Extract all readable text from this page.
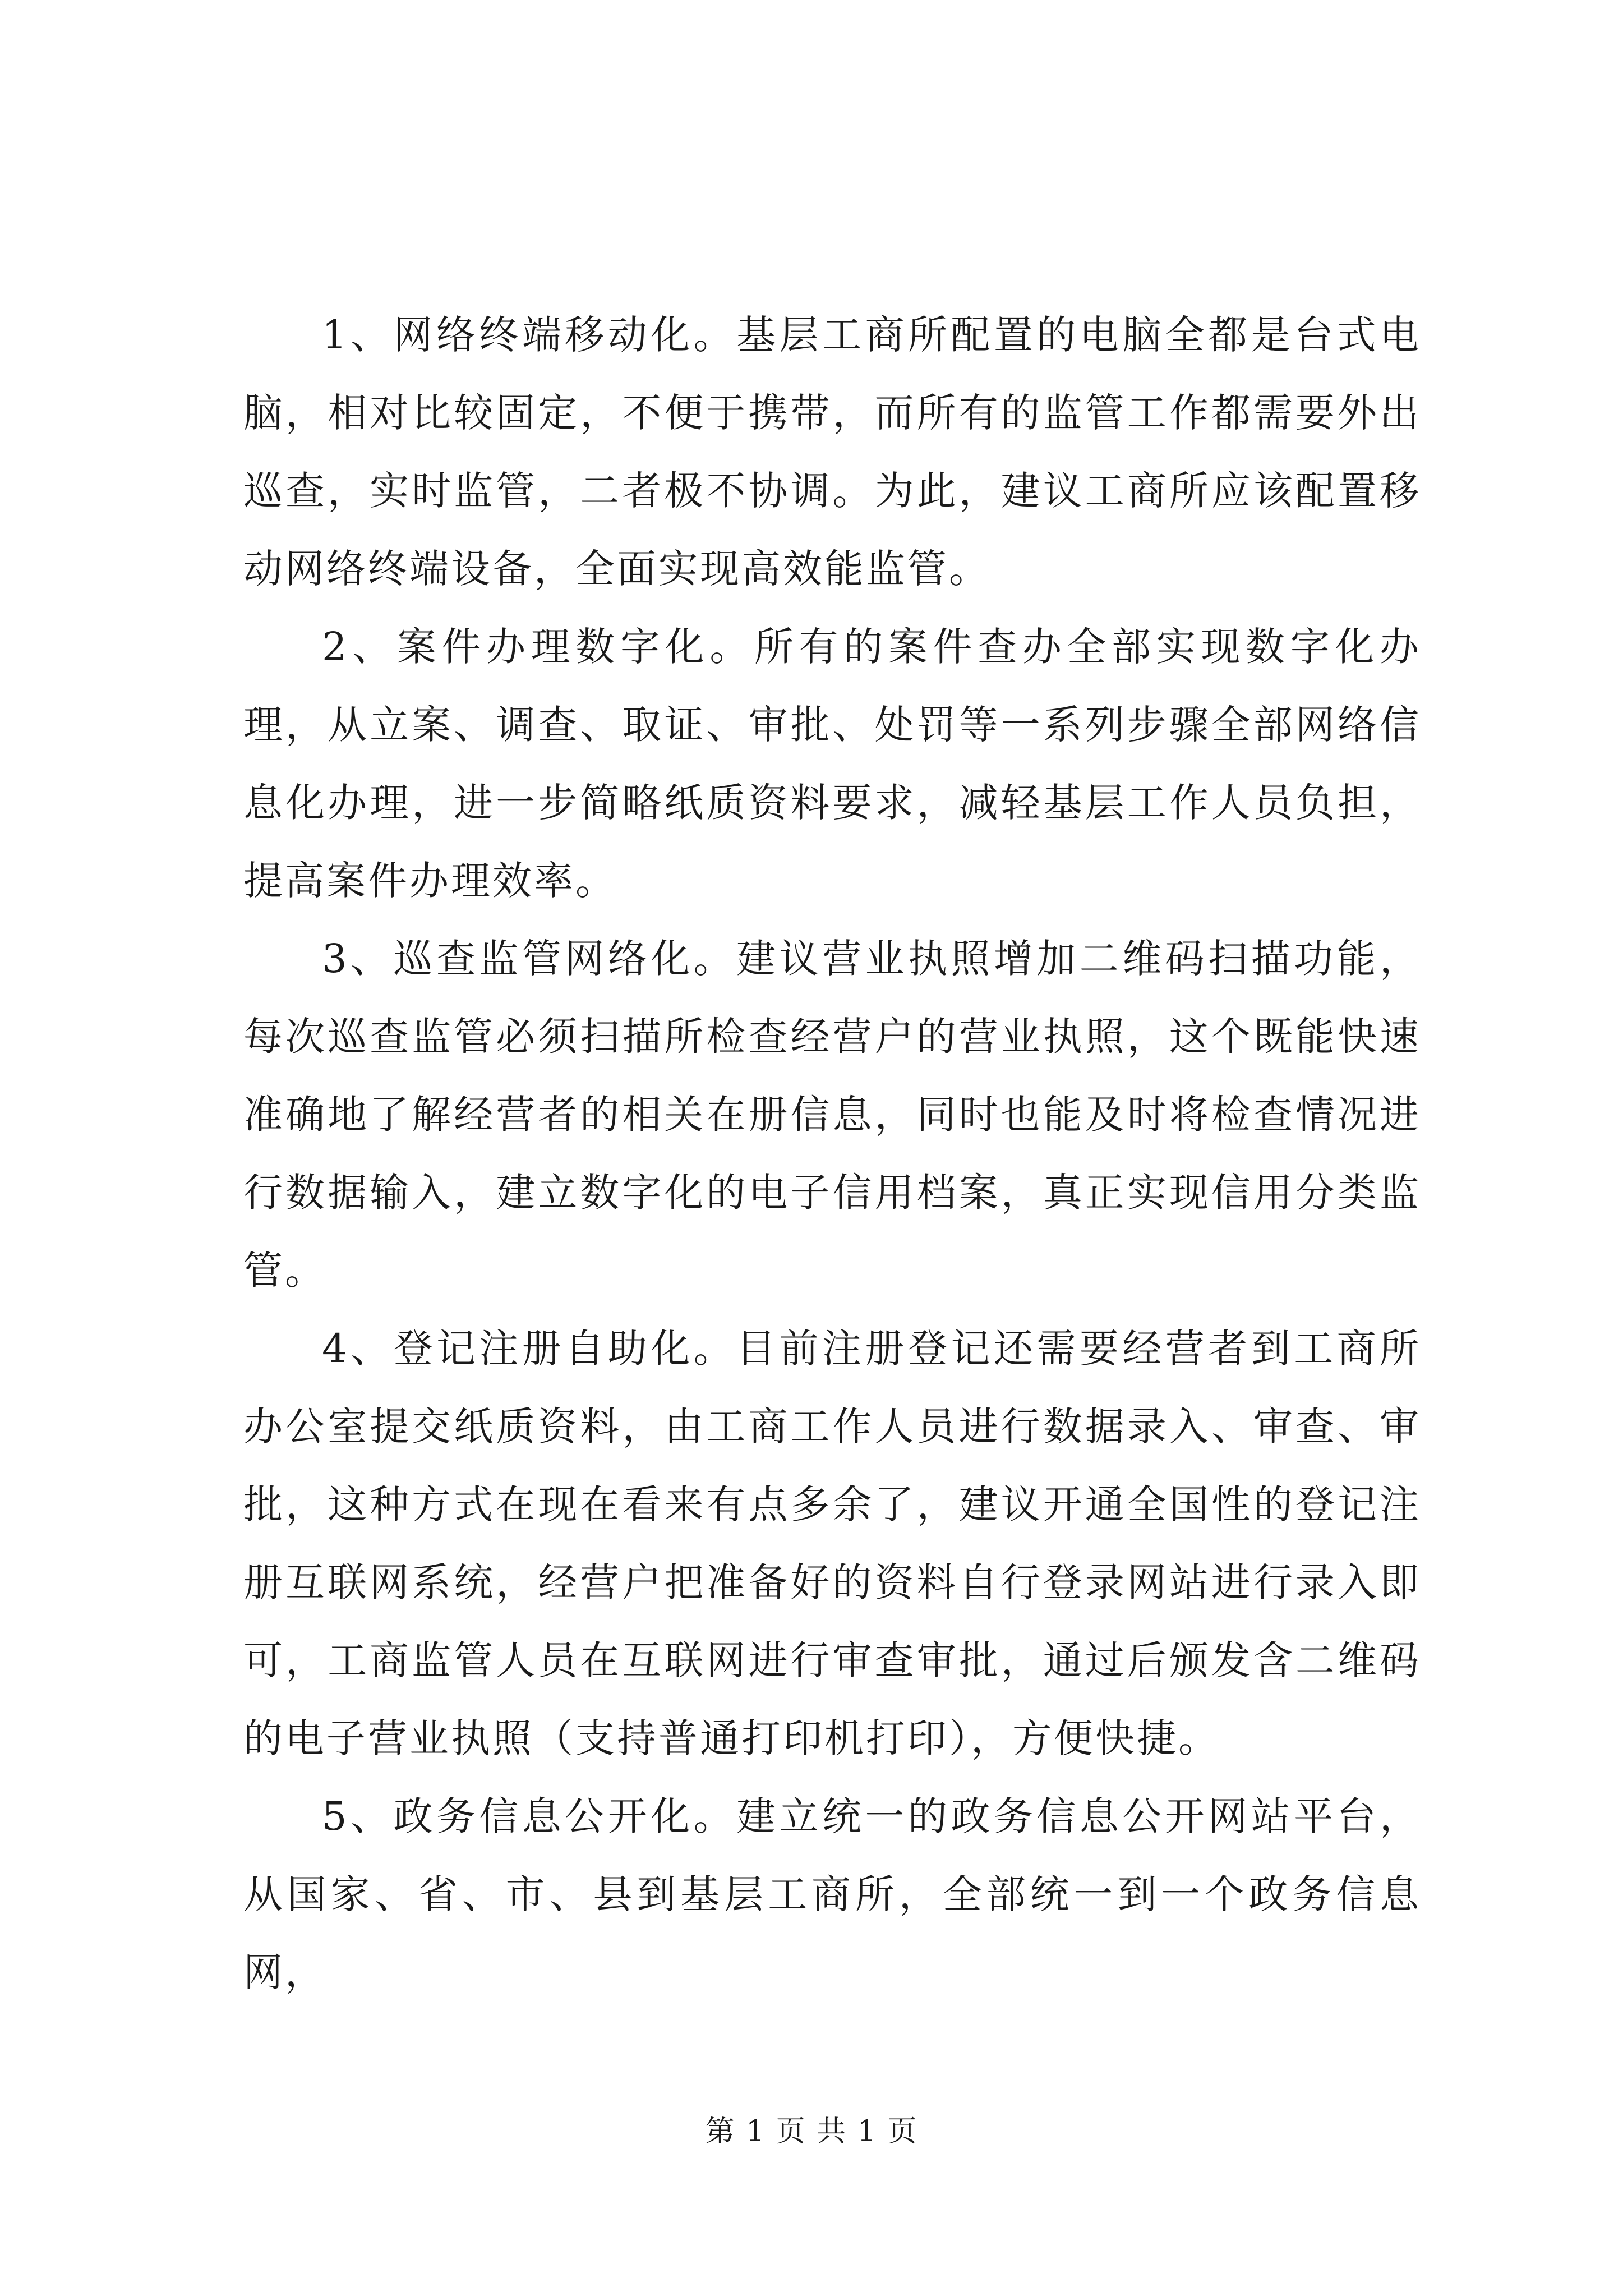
1、网络终端移动化。基层工商所配置的电脑全都是台式电脑，相对比较固定，不便于携带，而所有的监管工作都需要外出巡查，实时监管，二者极不协调。为此，建议工商所应该配置移动网络终端设备，全面实现高效能监管。

2、案件办理数字化。所有的案件查办全部实现数字化办理，从立案、调查、取证、审批、处罚等一系列步骤全部网络信息化办理，进一步简略纸质资料要求，减轻基层工作人员负担，提高案件办理效率。

3、巡查监管网络化。建议营业执照增加二维码扫描功能，每次巡查监管必须扫描所检查经营户的营业执照，这个既能快速准确地了解经营者的相关在册信息，同时也能及时将检查情况进行数据输入，建立数字化的电子信用档案，真正实现信用分类监管。

4、登记注册自助化。目前注册登记还需要经营者到工商所办公室提交纸质资料，由工商工作人员进行数据录入、审查、审批，这种方式在现在看来有点多余了，建议开通全国性的登记注册互联网系统，经营户把准备好的资料自行登录网站进行录入即可，工商监管人员在互联网进行审查审批，通过后颁发含二维码的电子营业执照（支持普通打印机打印），方便快捷。

5、政务信息公开化。建立统一的政务信息公开网站平台，从国家、省、市、县到基层工商所，全部统一到一个政务信息网，

第 1 页 共 1 页
